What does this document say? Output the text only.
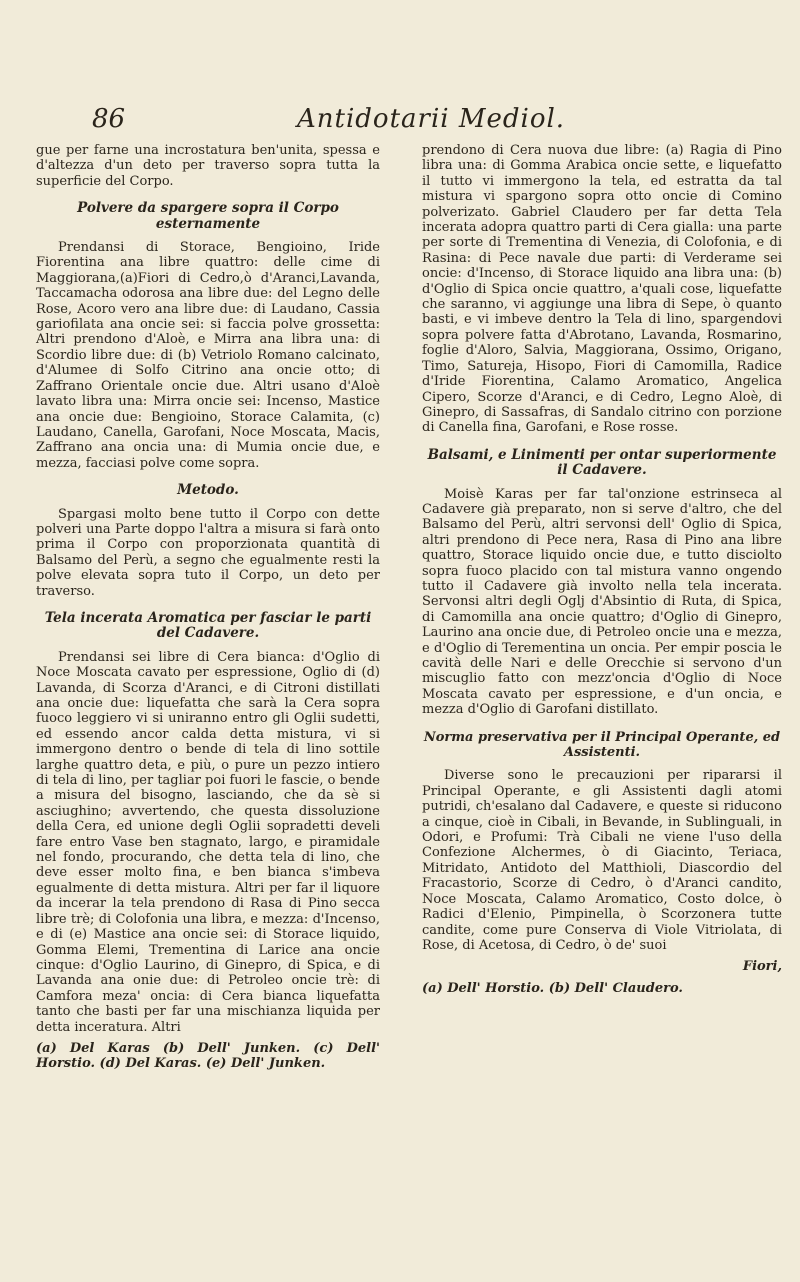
86	Antidotarii Mediol.

gue per farne una incrostatura ben'unita, spessa e d'altezza d'un deto per traverso sopra tutta la superficie del Corpo.

Polvere da spargere sopra il Corpo esternamente

Prendansi di Storace, Bengioino, Iride Fiorentina ana libre quattro: delle cime di Maggiorana,(a)Fiori di Cedro,ò d'Aranci,Lavanda, Taccamacha odorosa ana libre due: del Legno delle Rose, Acoro vero ana libre due: di Laudano, Cassia gariofilata ana oncie sei: si faccia polve grossetta: Altri prendono d'Aloè, e Mirra ana libra una: di Scordio libre due: di (b) Vetriolo Romano calcinato, d'Alumee di Solfo Citrino ana oncie otto; di Zaffrano Orientale oncie due. Altri usano d'Aloè lavato libra una: Mirra oncie sei: Incenso, Mastice ana oncie due: Bengioino, Storace Calamita, (c) Laudano, Canella, Garofani, Noce Moscata, Macis, Zaffrano ana oncia una: di Mumia oncie due, e mezza, facciasi polve come sopra.

Metodo.

Spargasi molto bene tutto il Corpo con dette polveri una Parte doppo l'altra a misura si farà onto prima il Corpo con proporzionata quantità di Balsamo del Perù, a segno che egualmente resti la polve elevata sopra tuto il Corpo, un deto per traverso.

Tela incerata Aromatica per fasciar le parti del Cadavere.

Prendansi sei libre di Cera bianca: d'Oglio di Noce Moscata cavato per espressione, Oglio di (d) Lavanda, di Scorza d'Aranci, e di Citroni distillati ana oncie due: liquefatta che sarà la Cera sopra fuoco leggiero vi si uniranno entro gli Oglii sudetti, ed essendo ancor calda detta mistura, vi si immergono dentro o bende di tela di lino sottile larghe quattro deta, e più, o pure un pezzo intiero di tela di lino, per tagliar poi fuori le fascie, o bende a misura del bisogno, lasciando, che da sè si asciughino; avvertendo, che questa dissoluzione della Cera, ed unione degli Oglii sopradetti develi fare entro Vase ben stagnato, largo, e piramidale nel fondo, procurando, che detta tela di lino, che deve esser molto fina, e ben bianca s'imbeva egualmente di detta mistura. Altri per far il liquore da incerar la tela prendono di Rasa di Pino secca libre trè; di Colofonia una libra, e mezza: d'Incenso, e di (e) Mastice ana oncie sei: di Storace liquido, Gomma Elemi, Trementina di Larice ana oncie cinque: d'Oglio Laurino, di Ginepro, di Spica, e di Lavanda ana onie due: di Petroleo oncie trè: di Camfora meza' oncia: di Cera bianca liquefatta tanto che basti per far una mischianza liquida per detta inceratura. Altri

(a) Del Karas (b) Dell' Junken. (c) Dell' Horstio. (d) Del Karas. (e) Dell' Junken.

prendono di Cera nuova due libre: (a) Ragia di Pino libra una: di Gomma Arabica oncie sette, e liquefatto il tutto vi immergono la tela, ed estratta da tal mistura vi spargono sopra otto oncie di Comino polverizato. Gabriel Claudero per far detta Tela incerata adopra quattro parti di Cera gialla: una parte per sorte di Trementina di Venezia, di Colofonia, e di Rasina: di Pece navale due parti: di Verderame sei oncie: d'Incenso, di Storace liquido ana libra una: (b) d'Oglio di Spica oncie quattro, a'quali cose, liquefatte che saranno, vi aggiunge una libra di Sepe, ò quanto basti, e vi imbeve dentro la Tela di lino, spargendovi sopra polvere fatta d'Abrotano, Lavanda, Rosmarino, foglie d'Aloro, Salvia, Maggiorana, Ossimo, Origano, Timo, Satureja, Hisopo, Fiori di Camomilla, Radice d'Iride Fiorentina, Calamo Aromatico, Angelica Cipero, Scorze d'Aranci, e di Cedro, Legno Aloè, di Ginepro, di Sassafras, di Sandalo citrino con porzione di Canella fina, Garofani, e Rose rosse.

Balsami, e Linimenti per ontar superiormente il Cadavere.

Moisè Karas per far tal'onzione estrinseca al Cadavere già preparato, non si serve d'altro, che del Balsamo del Perù, altri servonsi dell' Oglio di Spica, altri prendono di Pece nera, Rasa di Pino ana libre quattro, Storace liquido oncie due, e tutto disciolto sopra fuoco placido con tal mistura vanno ongendo tutto il Cadavere già involto nella tela incerata. Servonsi altri degli Oglj d'Absintio di Ruta, di Spica, di Camomilla ana oncie quattro; d'Oglio di Ginepro, Laurino ana oncie due, di Petroleo oncie una e mezza, e d'Oglio di Terementina un oncia. Per empir poscia le cavità delle Nari e delle Orecchie si servono d'un miscuglio fatto con mezz'oncia d'Oglio di Noce Moscata cavato per espressione, e d'un oncia, e mezza d'Oglio di Garofani distillato.

Norma preservativa per il Principal Operante, ed Assistenti.

Diverse sono le precauzioni per ripararsi il Principal Operante, e gli Assistenti dagli atomi putridi, ch'esalano dal Cadavere, e queste si riducono a cinque, cioè in Cibali, in Bevande, in Sublinguali, in Odori, e Profumi: Trà Cibali ne viene l'uso della Confezione Alchermes, ò di Giacinto, Teriaca, Mitridato, Antidoto del Matthioli, Diascordio del Fracastorio, Scorze di Cedro, ò d'Aranci candito, Noce Moscata, Calamo Aromatico, Costo dolce, ò Radici d'Elenio, Pimpinella, ò Scorzonera tutte candite, come pure Conserva di Viole Vitriolata, di Rose, di Acetosa, di Cedro, ò de' suoi

Fiori,

(a) Dell' Horstio. (b) Dell' Claudero.
